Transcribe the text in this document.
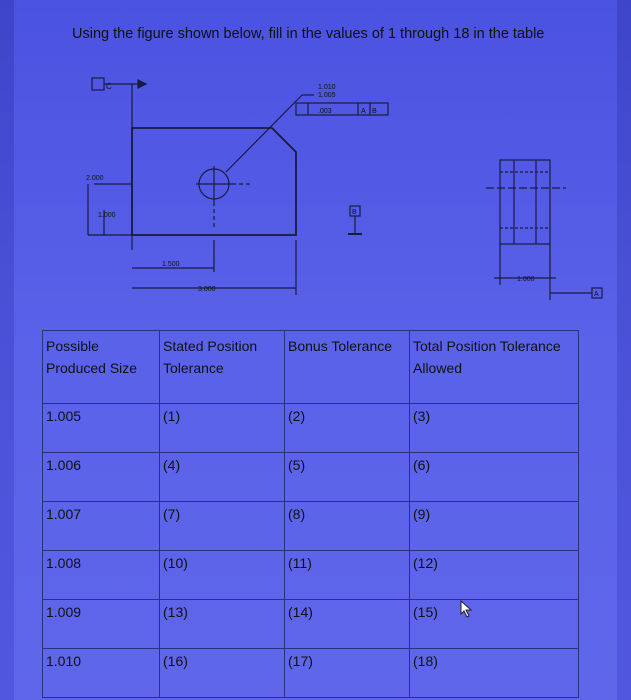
Using the figure shown below, fill in the values of 1 through 18 in the table
C	1.010
1.005
.003	A B
2.000
1.000
1.500
3.000
B
1.000
A
Possible Produced Size	Stated Position Tolerance	Bonus Tolerance	Total Position Tolerance Allowed
1.005	(1)	(2)	(3)
1.006	(4)	(5)	(6)
1.007	(7)	(8)	(9)
1.008	(10)	(11)	(12)
1.009	(13)	(14)	(15)
1.010	(16)	(17)	(18)
